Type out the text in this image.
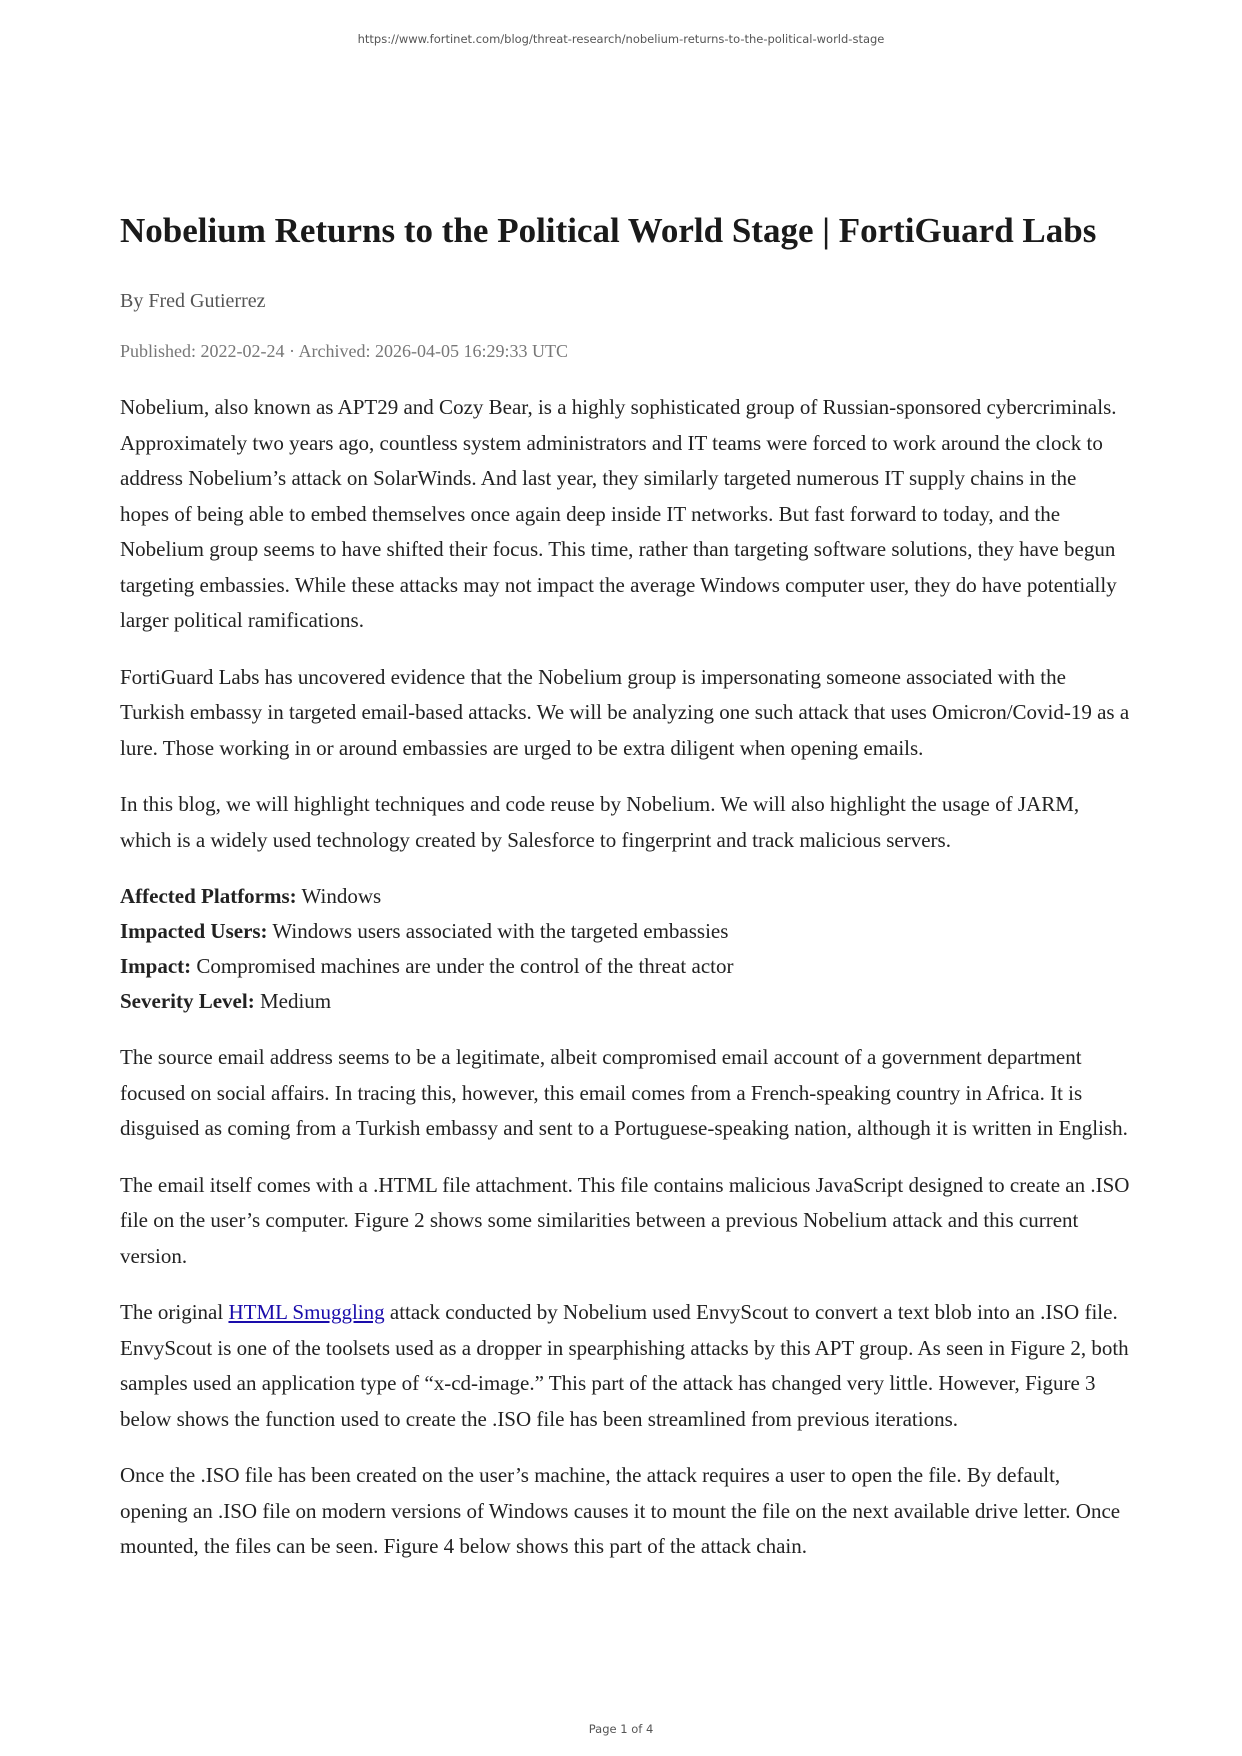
https://www.fortinet.com/blog/threat-research/nobelium-returns-to-the-political-world-stage
Nobelium Returns to the Political World Stage | FortiGuard Labs
By Fred Gutierrez
Published: 2022-02-24 · Archived: 2026-04-05 16:29:33 UTC

Nobelium, also known as APT29 and Cozy Bear, is a highly sophisticated group of Russian-sponsored cybercriminals. Approximately two years ago, countless system administrators and IT teams were forced to work around the clock to address Nobelium’s attack on SolarWinds. And last year, they similarly targeted numerous IT supply chains in the hopes of being able to embed themselves once again deep inside IT networks. But fast forward to today, and the Nobelium group seems to have shifted their focus. This time, rather than targeting software solutions, they have begun targeting embassies. While these attacks may not impact the average Windows computer user, they do have potentially larger political ramifications.

FortiGuard Labs has uncovered evidence that the Nobelium group is impersonating someone associated with the Turkish embassy in targeted email-based attacks. We will be analyzing one such attack that uses Omicron/Covid-19 as a lure. Those working in or around embassies are urged to be extra diligent when opening emails.

In this blog, we will highlight techniques and code reuse by Nobelium. We will also highlight the usage of JARM, which is a widely used technology created by Salesforce to fingerprint and track malicious servers.

Affected Platforms: Windows
Impacted Users: Windows users associated with the targeted embassies
Impact: Compromised machines are under the control of the threat actor
Severity Level: Medium

The source email address seems to be a legitimate, albeit compromised email account of a government department focused on social affairs. In tracing this, however, this email comes from a French-speaking country in Africa. It is disguised as coming from a Turkish embassy and sent to a Portuguese-speaking nation, although it is written in English.

The email itself comes with a .HTML file attachment. This file contains malicious JavaScript designed to create an .ISO file on the user’s computer. Figure 2 shows some similarities between a previous Nobelium attack and this current version.

The original HTML Smuggling attack conducted by Nobelium used EnvyScout to convert a text blob into an .ISO file. EnvyScout is one of the toolsets used as a dropper in spearphishing attacks by this APT group. As seen in Figure 2, both samples used an application type of “x-cd-image.” This part of the attack has changed very little. However, Figure 3 below shows the function used to create the .ISO file has been streamlined from previous iterations.

Once the .ISO file has been created on the user’s machine, the attack requires a user to open the file. By default, opening an .ISO file on modern versions of Windows causes it to mount the file on the next available drive letter. Once mounted, the files can be seen. Figure 4 below shows this part of the attack chain.

Page 1 of 4
